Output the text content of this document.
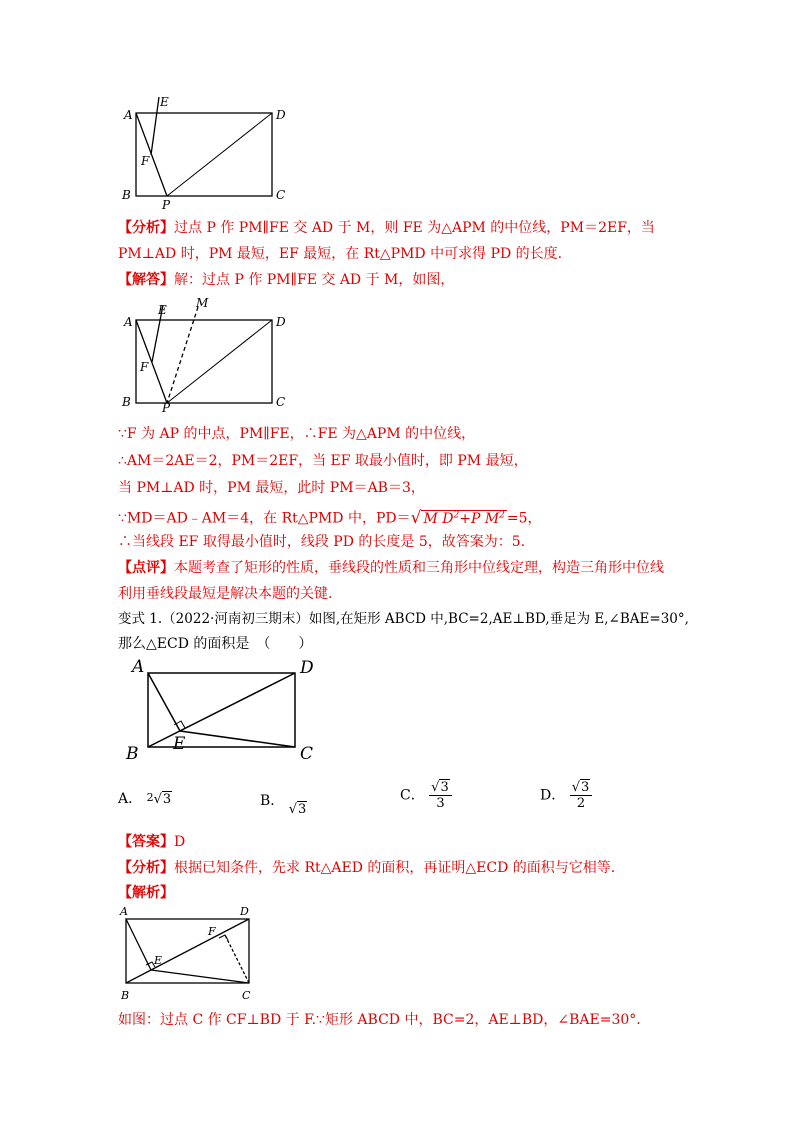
A
E
D
F
B
P
C
【分析】过点 P 作 PM∥FE 交 AD 于 M，则 FE 为△APM 的中位线，PM＝2EF，当
PM⊥AD 时，PM 最短，EF 最短，在 Rt△PMD 中可求得 PD 的长度.
【解答】解：过点 P 作 PM∥FE 交 AD 于 M，如图，
A
E M
D
F
B	P	C
∵F 为 AP 的中点，PM∥FE，∴FE 为△APM 的中位线，
∴AM＝2AE＝2，PM＝2EF，当 EF 取最小值时，即 PM 最短，
当 PM⊥AD 时，PM 最短，此时 PM＝AB＝3，
∵MD＝AD﹣AM＝4，在 Rt△PMD 中，PD＝√ M $D^2+P$ $M^2 =5$，
∴当线段 EF 取得最小值时，线段 PD 的长度是 5，故答案为：5.
【点评】本题考查了矩形的性质，垂线段的性质和三角形中位线定理，构造三角形中位线
利用垂线段最短是解决本题的关键.
变式 1.（2022·河南初三期末）如图,在矩形 ABCD 中,BC=2,AE⊥BD,垂足为 E,∠BAE=30°,
那么△ECD 的面积是　（　　）
A	D
E
B	C
A． $^2$√3	B． √3
C． $\frac{√3}{3}$	D． $\frac{√3}{2}$
【答案】D
【分析】根据已知条件，先求 Rt△AED 的面积，再证明△ECD 的面积与它相等.
【解析】
A	D
F
E
B	C
如图：过点 C 作 CF⊥BD 于 F.∵矩形 ABCD 中，BC=2，AE⊥BD，∠BAE=30°.
